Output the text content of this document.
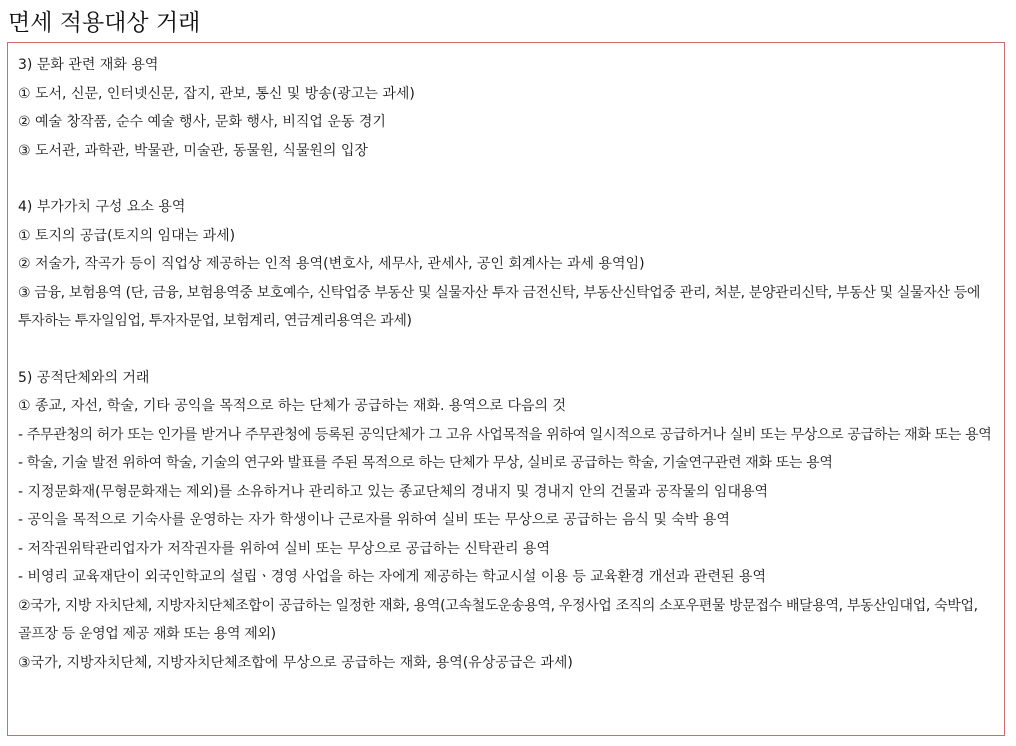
면세 적용대상 거래

3) 문화 관련 재화 용역

① 도서, 신문, 인터넷신문, 잡지, 관보, 통신 및 방송(광고는 과세)

② 예술 창작품, 순수 예술 행사, 문화 행사, 비직업 운동 경기

③ 도서관, 과학관, 박물관, 미술관, 동물원, 식물원의 입장

4) 부가가치 구성 요소 용역

① 토지의 공급(토지의 임대는 과세)

② 저술가, 작곡가 등이 직업상 제공하는 인적 용역(변호사, 세무사, 관세사, 공인 회계사는 과세 용역임)

③ 금융, 보험용역 (단, 금융, 보험용역중 보호예수, 신탁업중 부동산 및 실물자산 투자 금전신탁, 부동산신탁업중 관리, 처분, 분양관리신탁, 부동산 및 실물자산 등에 투자하는 투자일임업, 투자자문업, 보험계리, 연금계리용역은 과세)

5) 공적단체와의 거래

① 종교, 자선, 학술, 기타 공익을 목적으로 하는 단체가 공급하는 재화. 용역으로 다음의 것

- 주무관청의 허가 또는 인가를 받거나 주무관청에 등록된 공익단체가 그 고유 사업목적을 위하여 일시적으로 공급하거나 실비 또는 무상으로 공급하는 재화 또는 용역

- 학술, 기술 발전 위하여 학술, 기술의 연구와 발표를 주된 목적으로 하는 단체가 무상, 실비로 공급하는 학술, 기술연구관련 재화 또는 용역

- 지정문화재(무형문화재는 제외)를 소유하거나 관리하고 있는 종교단체의 경내지 및 경내지 안의 건물과 공작물의 임대용역

- 공익을 목적으로 기숙사를 운영하는 자가 학생이나 근로자를 위하여 실비 또는 무상으로 공급하는 음식 및 숙박 용역

- 저작권위탁관리업자가 저작권자를 위하여 실비 또는 무상으로 공급하는 신탁관리 용역

- 비영리 교육재단이 외국인학교의 설립ㆍ경영 사업을 하는 자에게 제공하는 학교시설 이용 등 교육환경 개선과 관련된 용역

②국가, 지방 자치단체, 지방자치단체조합이 공급하는 일정한 재화, 용역(고속철도운송용역, 우정사업 조직의 소포우편물 방문접수 배달용역, 부동산임대업, 숙박업, 골프장 등 운영업 제공 재화 또는 용역 제외)

③국가, 지방자치단체, 지방자치단체조합에 무상으로 공급하는 재화, 용역(유상공급은 과세)
